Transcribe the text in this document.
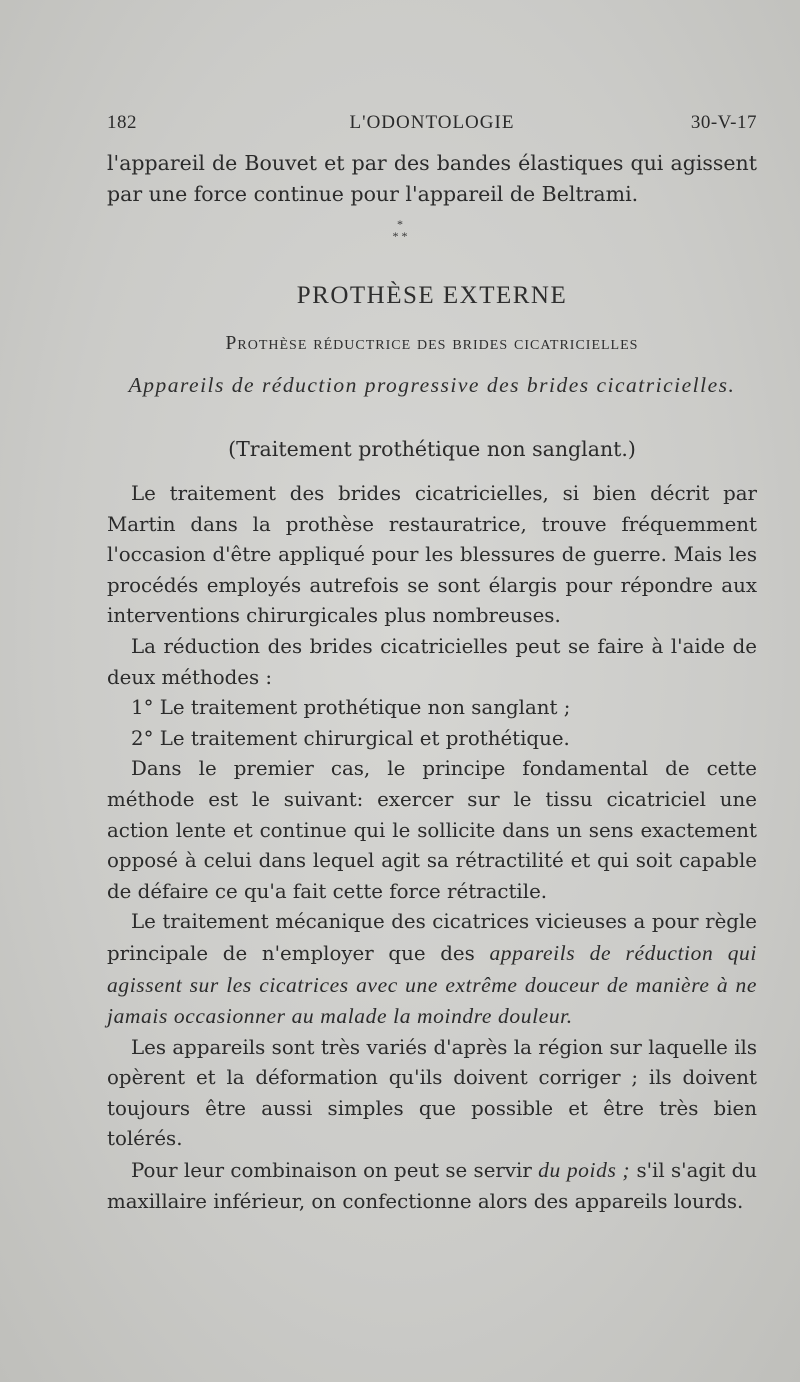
182	L'ODONTOLOGIE	30-V-17

l'appareil de Bouvet et par des bandes élastiques qui agissent par une force continue pour l'appareil de Beltrami.

*
* *
PROTHÈSE EXTERNE
Prothèse réductrice des brides cicatricielles
Appareils de réduction progressive des brides cicatricielles.
(Traitement prothétique non sanglant.)

Le traitement des brides cicatricielles, si bien décrit par Martin dans la prothèse restauratrice, trouve fréquemment l'occasion d'être appliqué pour les blessures de guerre. Mais les procédés employés autrefois se sont élargis pour répondre aux interventions chirurgicales plus nombreuses.

La réduction des brides cicatricielles peut se faire à l'aide de deux méthodes :

1° Le traitement prothétique non sanglant ;

2° Le traitement chirurgical et prothétique.

Dans le premier cas, le principe fondamental de cette méthode est le suivant: exercer sur le tissu cicatriciel une action lente et continue qui le sollicite dans un sens exactement opposé à celui dans lequel agit sa rétractilité et qui soit capable de défaire ce qu'a fait cette force rétractile.

Le traitement mécanique des cicatrices vicieuses a pour règle principale de n'employer que des appareils de réduction qui agissent sur les cicatrices avec une extrême douceur de manière à ne jamais occasionner au malade la moindre douleur.

Les appareils sont très variés d'après la région sur laquelle ils opèrent et la déformation qu'ils doivent corriger ; ils doivent toujours être aussi simples que possible et être très bien tolérés.

Pour leur combinaison on peut se servir du poids ; s'il s'agit du maxillaire inférieur, on confectionne alors des appareils lourds.
